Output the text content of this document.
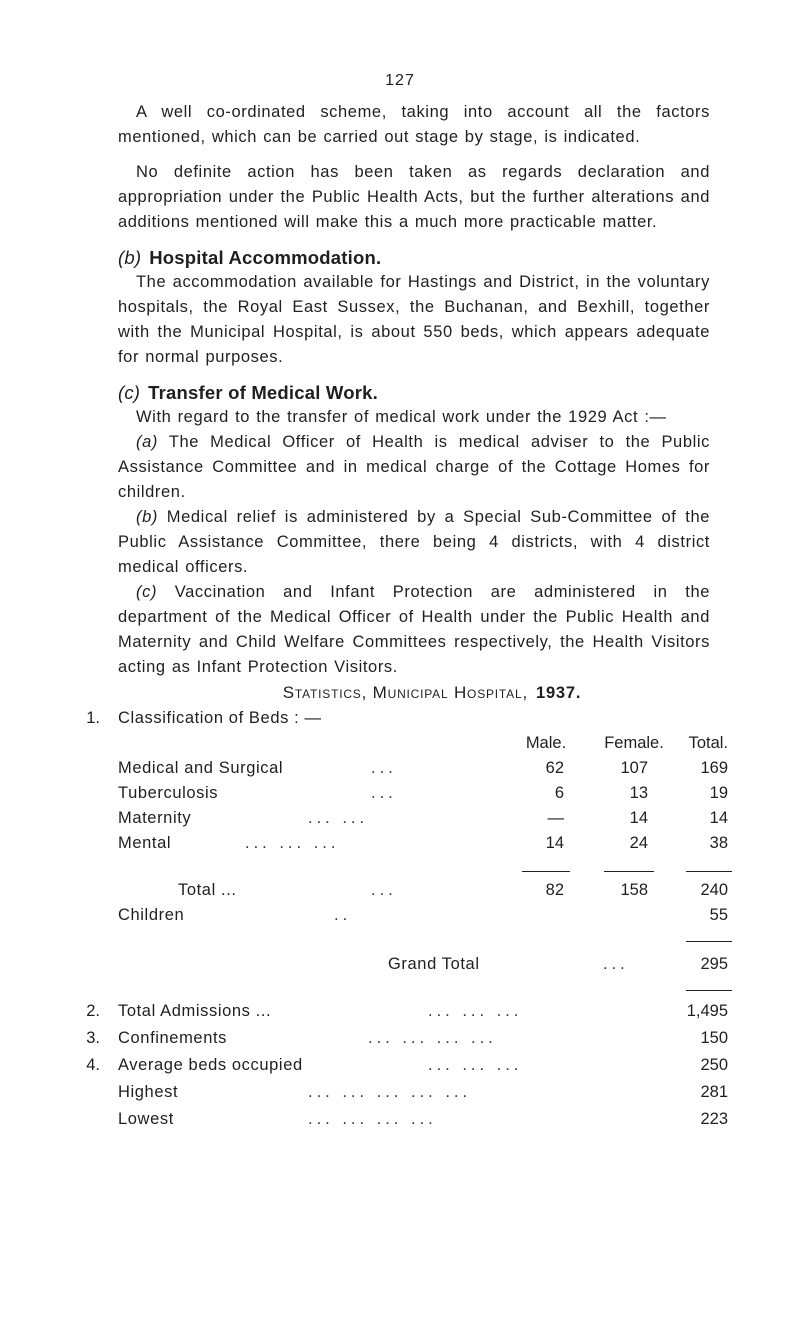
127

A well co-ordinated scheme, taking into account all the factors mentioned, which can be carried out stage by stage, is indicated.

No definite action has been taken as regards declaration and appropriation under the Public Health Acts, but the further alterations and additions mentioned will make this a much more practicable matter.

(b) Hospital Accommodation.

The accommodation available for Hastings and District, in the voluntary hospitals, the Royal East Sussex, the Buchanan, and Bexhill, together with the Municipal Hospital, is about 550 beds, which appears adequate for normal purposes.

(c) Transfer of Medical Work.

With regard to the transfer of medical work under the 1929 Act :—

(a) The Medical Officer of Health is medical adviser to the Public Assistance Committee and in medical charge of the Cottage Homes for children.

(b) Medical relief is administered by a Special Sub-Committee of the Public Assistance Committee, there being 4 districts, with 4 district medical officers.

(c) Vaccination and Infant Protection are administered in the department of the Medical Officer of Health under the Public Health and Maternity and Child Welfare Committees respectively, the Health Visitors acting as Infant Protection Visitors.

Statistics, Municipal Hospital, 1937.

1. Classification of Beds : —
Male.	Female.	Total.
Medical and Surgical	...	62	107	169
Tuberculosis	...	6	13	19
Maternity	... ...	—	14	14
Mental	... ... ...	14	24	38
Total ...	...	82	158	240
Children	..	55
Grand Total	...	295
2. Total Admissions ...	... ... ...	1,495
3. Confinements	... ... ... ...	150
4. Average beds occupied	... ... ...	250
Highest	... ... ... ... ...	281
Lowest	... ... ... ...	223
